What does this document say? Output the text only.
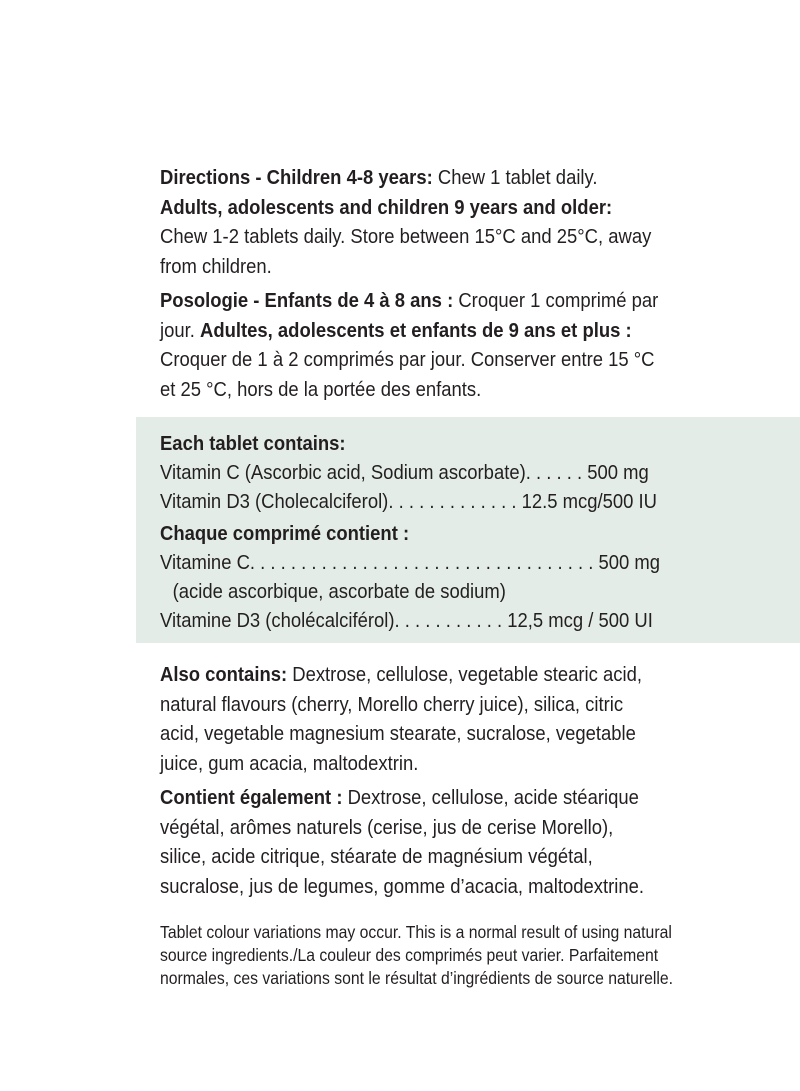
Directions - Children 4-8 years: Chew 1 tablet daily.
Adults, adolescents and children 9 years and older: Chew 1-2 tablets daily. Store between 15°C and 25°C, away from children.

Posologie - Enfants de 4 à 8 ans : Croquer 1 comprimé par jour. Adultes, adolescents et enfants de 9 ans et plus : Croquer de 1 à 2 comprimés par jour. Conserver entre 15 °C et 25 °C, hors de la portée des enfants.

Each tablet contains:
Vitamin C (Ascorbic acid, Sodium ascorbate). . . . . . 500 mg
Vitamin D3 (Cholecalciferol). . . . . . . . . . . . . 12.5 mcg/500 IU
Chaque comprimé contient :
Vitamine C. . . . . . . . . . . . . . . . . . . . . . . . . . . . . . . . . . 500 mg
(acide ascorbique, ascorbate de sodium)
Vitamine D3 (cholécalciférol). . . . . . . . . . . 12,5 mcg / 500 UI

Also contains: Dextrose, cellulose, vegetable stearic acid, natural flavours (cherry, Morello cherry juice), silica, citric acid, vegetable magnesium stearate, sucralose, vegetable juice, gum acacia, maltodextrin.

Contient également : Dextrose, cellulose, acide stéarique végétal, arômes naturels (cerise, jus de cerise Morello), silice, acide citrique, stéarate de magnésium végétal, sucralose, jus de legumes, gomme d’acacia, maltodextrine.

Tablet colour variations may occur. This is a normal result of using natural source ingredients./La couleur des comprimés peut varier. Parfaitement normales, ces variations sont le résultat d’ingrédients de source naturelle.
